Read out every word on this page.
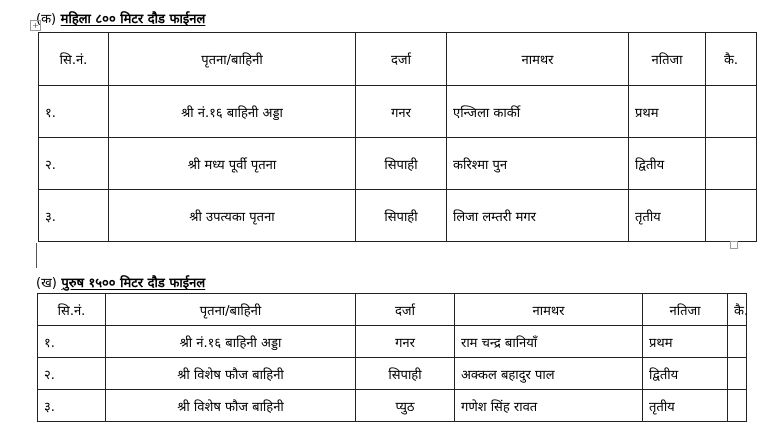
(क) महिला ८०० मिटर दौड फाईनल
+
सि.नं.	पृतना/बाहिनी	दर्जा	नामथर	नतिजा	कै.
१.	श्री नं.१६ बाहिनी अड्डा	गनर	एन्जिला कार्की	प्रथम	
२.	श्री मध्य पूर्वी पृतना	सिपाही	करिश्मा पुन	द्वितीय	
३.	श्री उपत्यका पृतना	सिपाही	लिजा लम्तरी मगर	तृतीय	
(ख) पुरुष १५०० मिटर दौड फाईनल
सि.नं.	पृतना/बाहिनी	दर्जा	नामथर	नतिजा	कै.
१.	श्री नं.१६ बाहिनी अड्डा	गनर	राम चन्द्र बानियाँ	प्रथम	
२.	श्री विशेष फौज बाहिनी	सिपाही	अक्कल बहादुर पाल	द्वितीय	
३.	श्री विशेष फौज बाहिनी	प्युठ	गणेश सिंह रावत	तृतीय	
